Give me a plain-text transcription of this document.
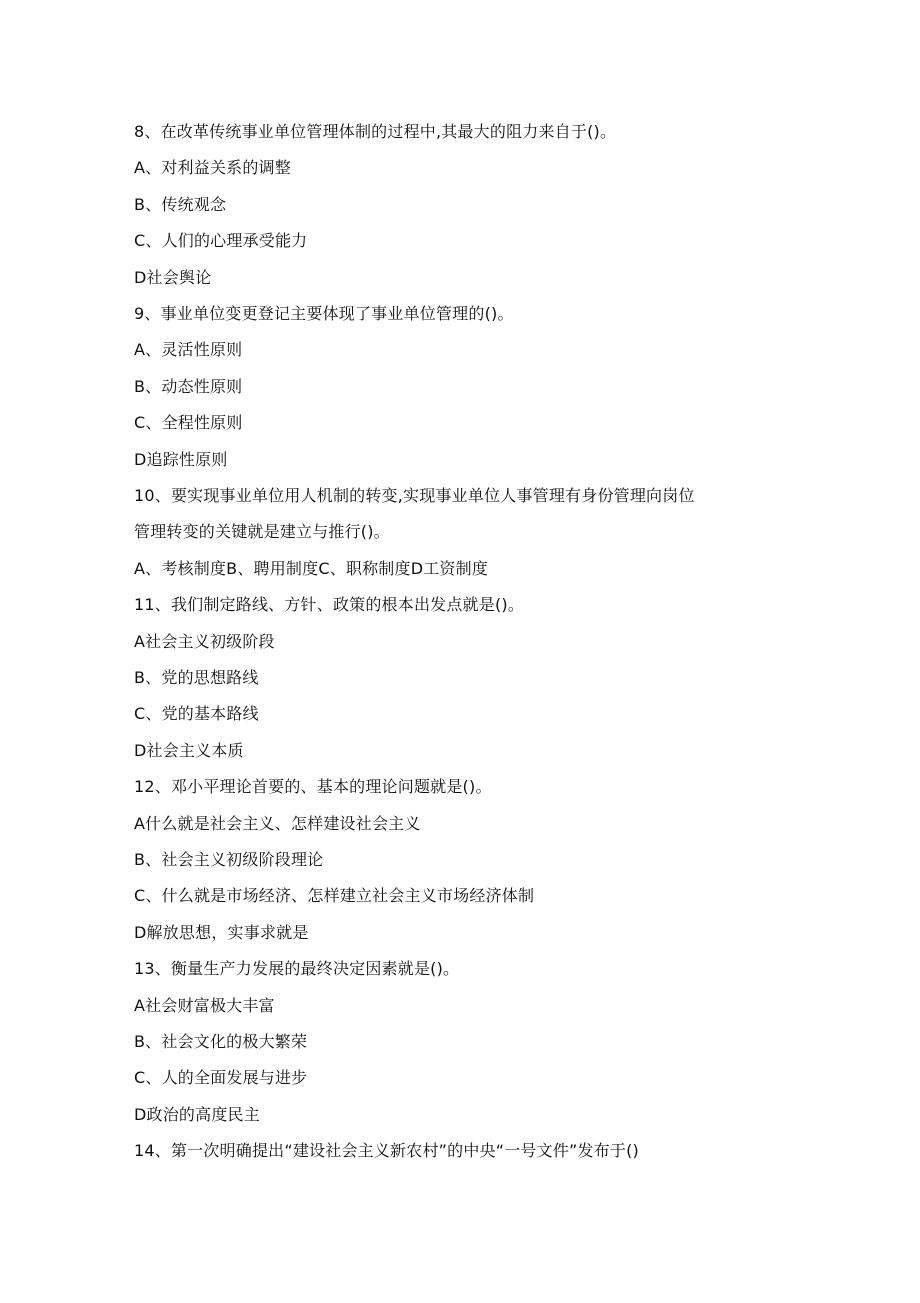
8、在改革传统事业单位管理体制的过程中,其最大的阻力来自于()。
A、对利益关系的调整
B、传统观念
C、人们的心理承受能力
D社会舆论
9、事业单位变更登记主要体现了事业单位管理的()。
A、灵活性原则
B、动态性原则
C、全程性原则
D追踪性原则
10、要实现事业单位用人机制的转变,实现事业单位人事管理有身份管理向岗位
管理转变的关键就是建立与推行()。
A、考核制度B、聘用制度C、职称制度D工资制度
11、我们制定路线、方针、政策的根本出发点就是()。
A社会主义初级阶段
B、党的思想路线
C、党的基本路线
D社会主义本质
12、邓小平理论首要的、基本的理论问题就是()。
A什么就是社会主义、怎样建设社会主义
B、社会主义初级阶段理论
C、什么就是市场经济、怎样建立社会主义市场经济体制
D解放思想，实事求就是
13、衡量生产力发展的最终决定因素就是()。
A社会财富极大丰富
B、社会文化的极大繁荣
C、人的全面发展与进步
D政治的高度民主
14、第一次明确提出“建设社会主义新农村”的中央“一号文件”发布于()
